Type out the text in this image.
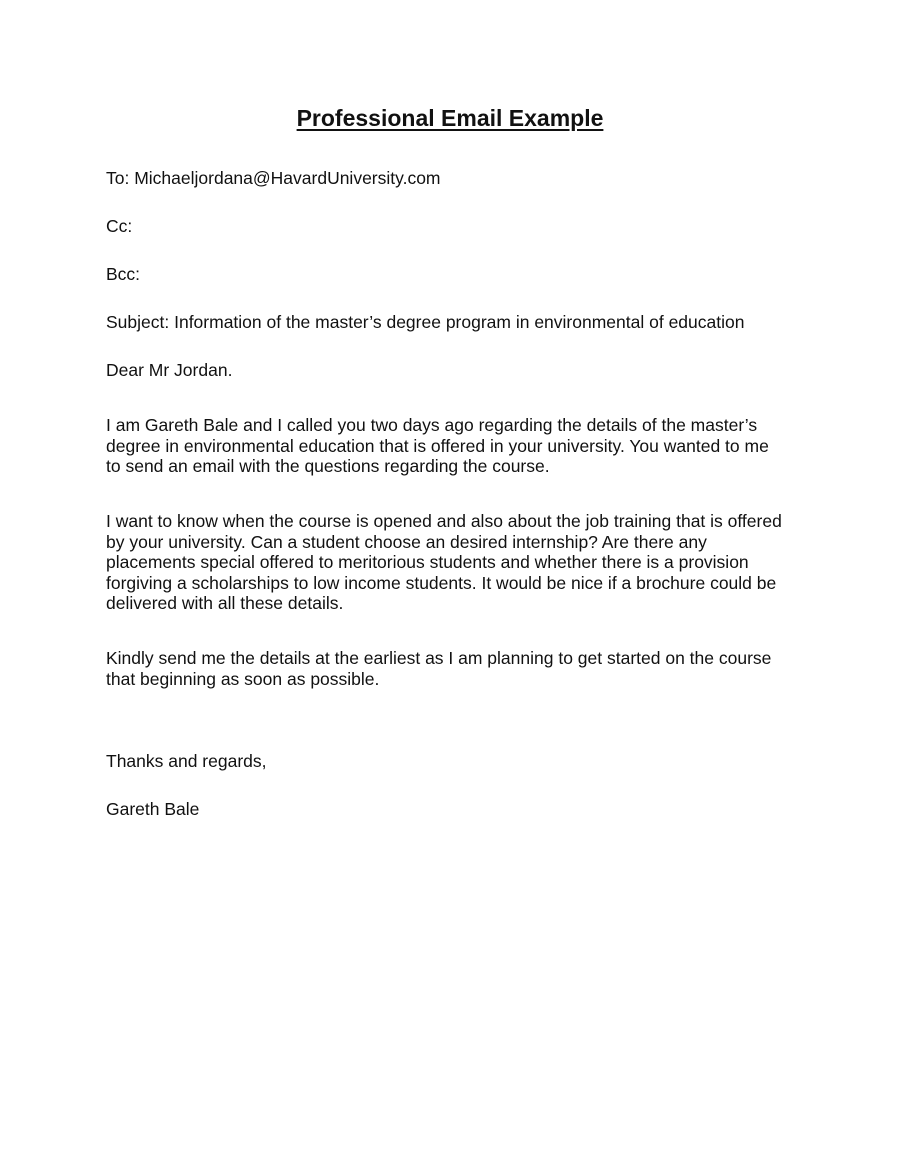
Professional Email Example

To: Michaeljordana@HavardUniversity.com

Cc:

Bcc:

Subject: Information of the master’s degree program in environmental of education

Dear Mr Jordan.

I am Gareth Bale and I called you two days ago regarding the details of the master’s
degree in environmental education that is offered in your university. You wanted to me
to send an email with the questions regarding the course.
I want to know when the course is opened and also about the job training that is offered
by your university. Can a student choose an desired internship? Are there any
placements special offered to meritorious students and whether there is a provision
forgiving a scholarships to low income students. It would be nice if a brochure could be
delivered with all these details.
Kindly send me the details at the earliest as I am planning to get started on the course
that beginning as soon as possible.

Thanks and regards,

Gareth Bale
